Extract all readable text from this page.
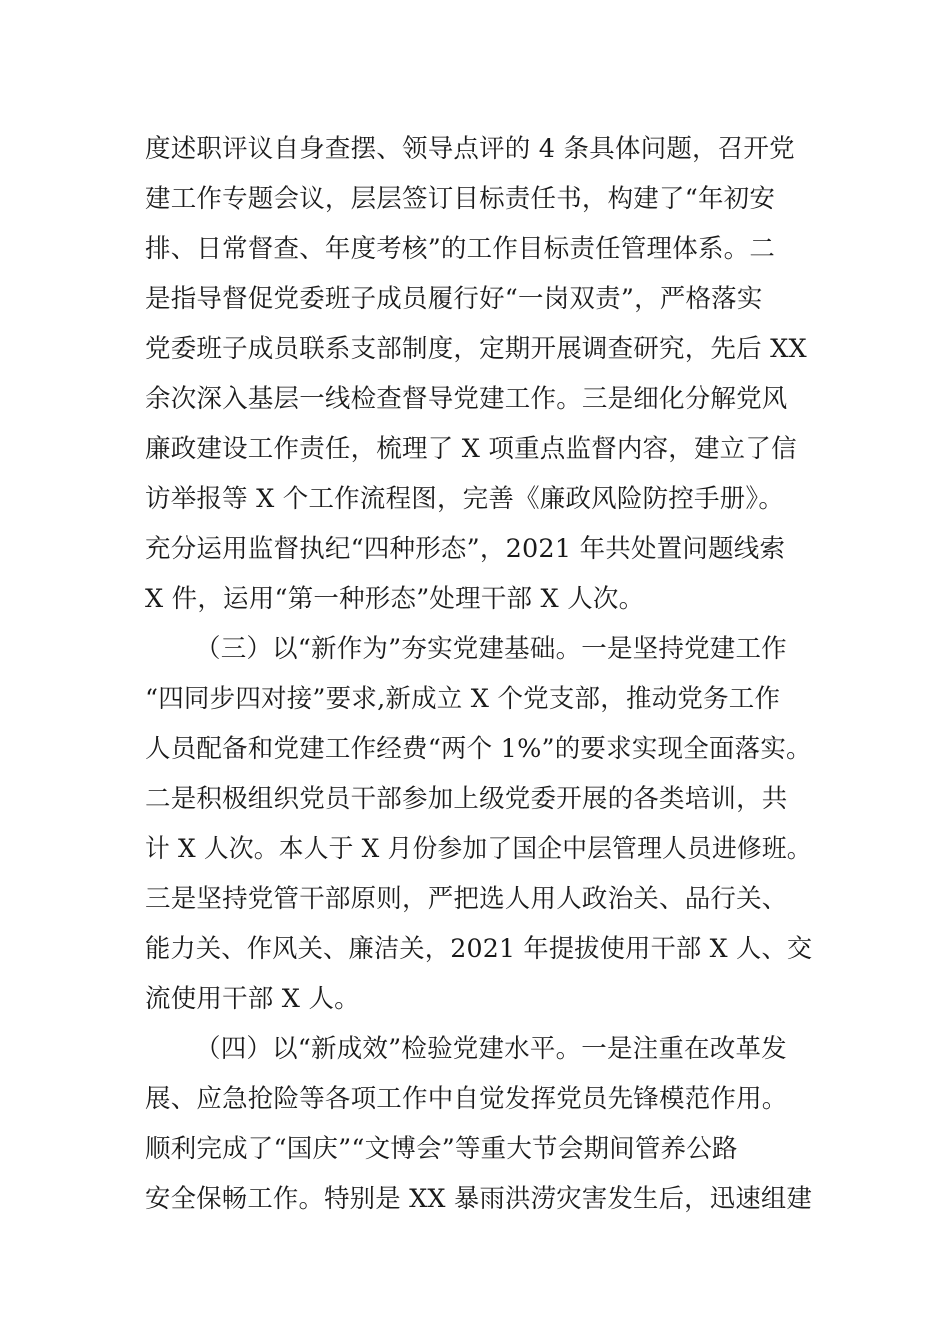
度述职评议自身查摆、领导点评的 4 条具体问题，召开党
建工作专题会议，层层签订目标责任书，构建了“年初安
排、日常督查、年度考核”的工作目标责任管理体系。二
是指导督促党委班子成员履行好“一岗双责”，严格落实
党委班子成员联系支部制度，定期开展调查研究，先后 XX
余次深入基层一线检查督导党建工作。三是细化分解党风
廉政建设工作责任，梳理了 X 项重点监督内容，建立了信
访举报等 X 个工作流程图，完善《廉政风险防控手册》。
充分运用监督执纪“四种形态”，2021 年共处置问题线索
X 件，运用“第一种形态”处理干部 X 人次。
（三）以“新作为”夯实党建基础。一是坚持党建工作
“四同步四对接”要求,新成立 X 个党支部，推动党务工作
人员配备和党建工作经费“两个 1%”的要求实现全面落实。
二是积极组织党员干部参加上级党委开展的各类培训，共
计 X 人次。本人于 X 月份参加了国企中层管理人员进修班。
三是坚持党管干部原则，严把选人用人政治关、品行关、
能力关、作风关、廉洁关，2021 年提拔使用干部 X 人、交
流使用干部 X 人。
（四）以“新成效”检验党建水平。一是注重在改革发
展、应急抢险等各项工作中自觉发挥党员先锋模范作用。
顺利完成了“国庆”“文博会”等重大节会期间管养公路
安全保畅工作。特别是 XX 暴雨洪涝灾害发生后，迅速组建
